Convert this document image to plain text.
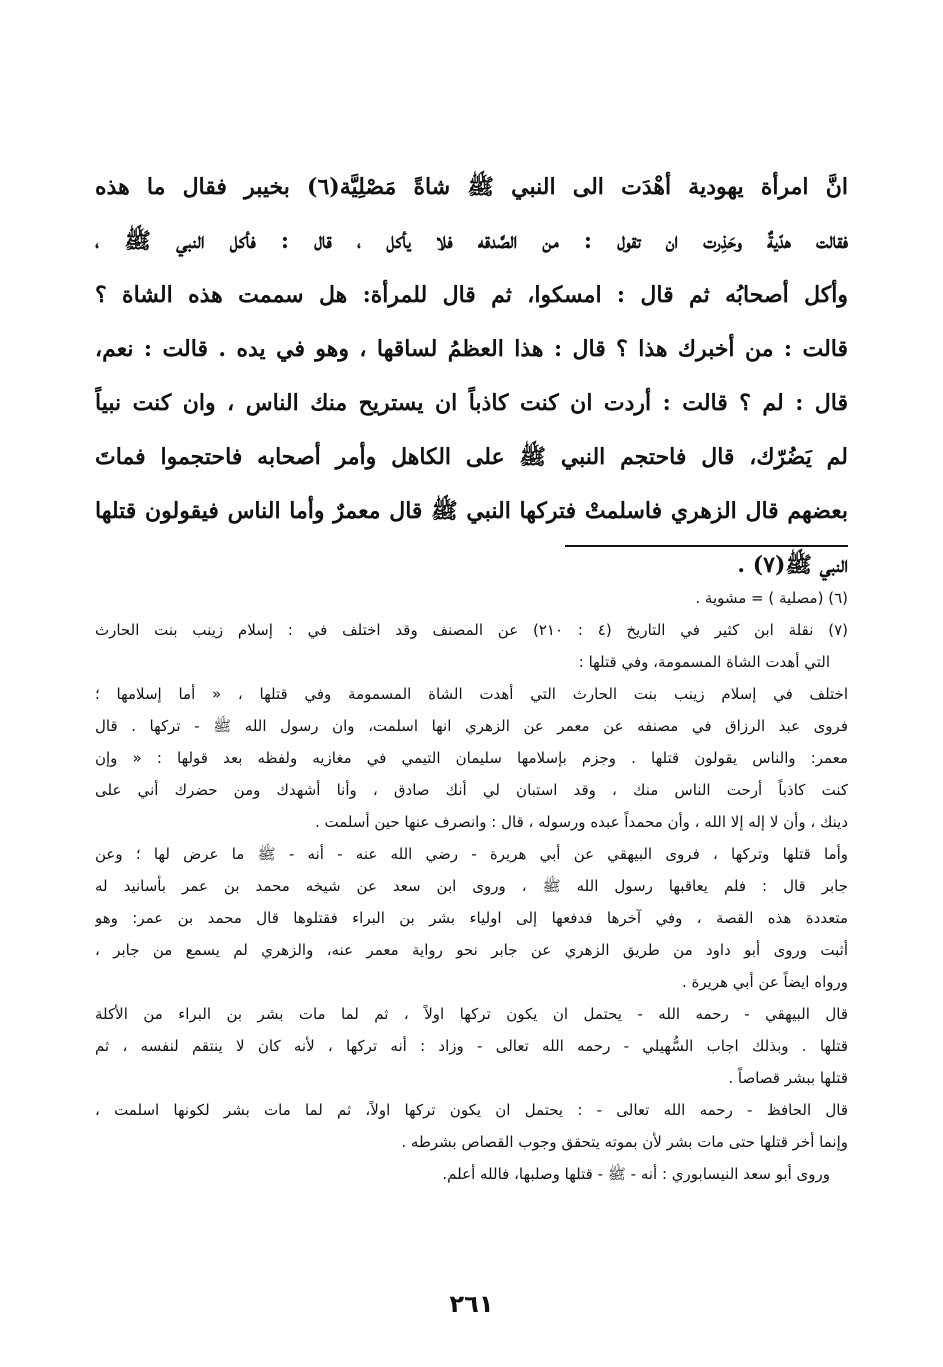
انَّ امرأة يهودية أهْدَت الى النبي ﷺ شاةً مَصْلِيَّة(٦) بخيبر فقال ما هذه
فقالت هدّيةٌ وحَذِرت ان تقول : من الصَّدقه فلا يأكل ، قال : فأكل النبي ﷺ ،
وأكل أصحابُه ثم قال : امسكوا، ثم قال للمرأة: هل سممت هذه الشاة ؟
قالت : من أخبرك هذا ؟ قال : هذا العظمُ لساقها ، وهو في يده . قالت : نعم،
قال : لم ؟ قالت : أردت ان كنت كاذباً ان يستريح منك الناس ، وان كنت نبياً
لم يَضُرّك، قال فاحتجم النبي ﷺ على الكاهل وأمر أصحابه فاحتجموا فماتَ
بعضهم قال الزهري فاسلمتْ فتركها النبي ﷺ قال معمرٌ وأما الناس فيقولون قتلها
النبي ﷺ(٧) .
(٦) (مصلية ) = مشوية .
(٧) نقلة ابن كثير في التاريخ (٤ : ٢١٠) عن المصنف وقد اختلف في : إسلام زينب بنت الحارث
التي أهدت الشاة المسمومة، وفي قتلها :
اختلف في إسلام زينب بنت الحارث التي أهدت الشاة المسمومة وفي قتلها ، « أما إسلامها ؛
فروى عبد الرزاق في مصنفه عن معمر عن الزهري انها اسلمت، وان رسول الله ﷺ - تركها . قال
معمر: والناس يقولون قتلها . وجزم بإسلامها سليمان التيمي في مغازيه ولفظه بعد قولها : « وإن
كنت كاذباً أرحت الناس منك ، وقد استبان لي أنك صادق ، وأنا أشهدك ومن حضرك أني على
دينك ، وأن لا إله إلا الله ، وأن محمداً عبده ورسوله ، قال : وانصرف عنها حين أسلمت .
وأما قتلها وتركها ، فروى البيهقي عن أبي هريرة - رضي الله عنه - أنه - ﷺ ما عرض لها ؛ وعن
جابر قال : فلم يعاقبها رسول الله ﷺ ، وروى ابن سعد عن شيخه محمد بن عمر بأسانيد له
متعددة هذه القصة ، وفي آخرها فدفعها إلى اولياء بشر بن البراء فقتلوها قال محمد بن عمر: وهو
أثبت وروى أبو داود من طريق الزهري عن جابر نحو رواية معمر عنه، والزهري لم يسمع من جابر ،
ورواه ايضاً عن أبي هريرة .
قال البيهقي - رحمه الله - يحتمل ان يكون تركها اولاً ، ثم لما مات بشر بن البراء من الأكلة
قتلها . وبذلك اجاب السُّهيلي - رحمه الله تعالى - وزاد : أنه تركها ، لأنه كان لا ينتقم لنفسه ، ثم
قتلها ببشر قصاصاً .
قال الحافظ - رحمه الله تعالى - : يحتمل ان يكون تركها اولاً، ثم لما مات بشر لكونها اسلمت ،
وإنما أخر قتلها حتى مات بشر لأن بموته يتحقق وجوب القصاص بشرطه .
وروى أبو سعد النيسابوري : أنه - ﷺ - قتلها وصلبها، فالله أعلم.
٢٦١
